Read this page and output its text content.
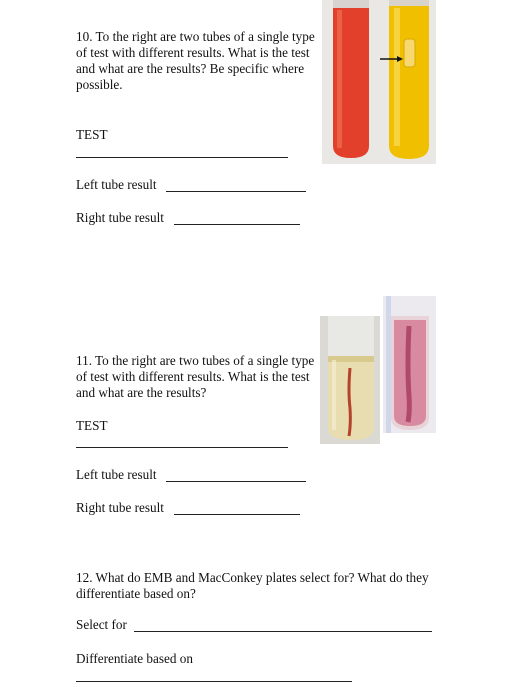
10. To the right are two tubes of a single type of test with different results. What is the test and what are the results? Be specific where possible.
TEST
Left tube result
Right tube result
11. To the right are two tubes of a single type of test with different results. What is the test and what are the results?
TEST
Left tube result
Right tube result
12. What do EMB and MacConkey plates select for? What do they differentiate based on?
Select for
Differentiate based on
